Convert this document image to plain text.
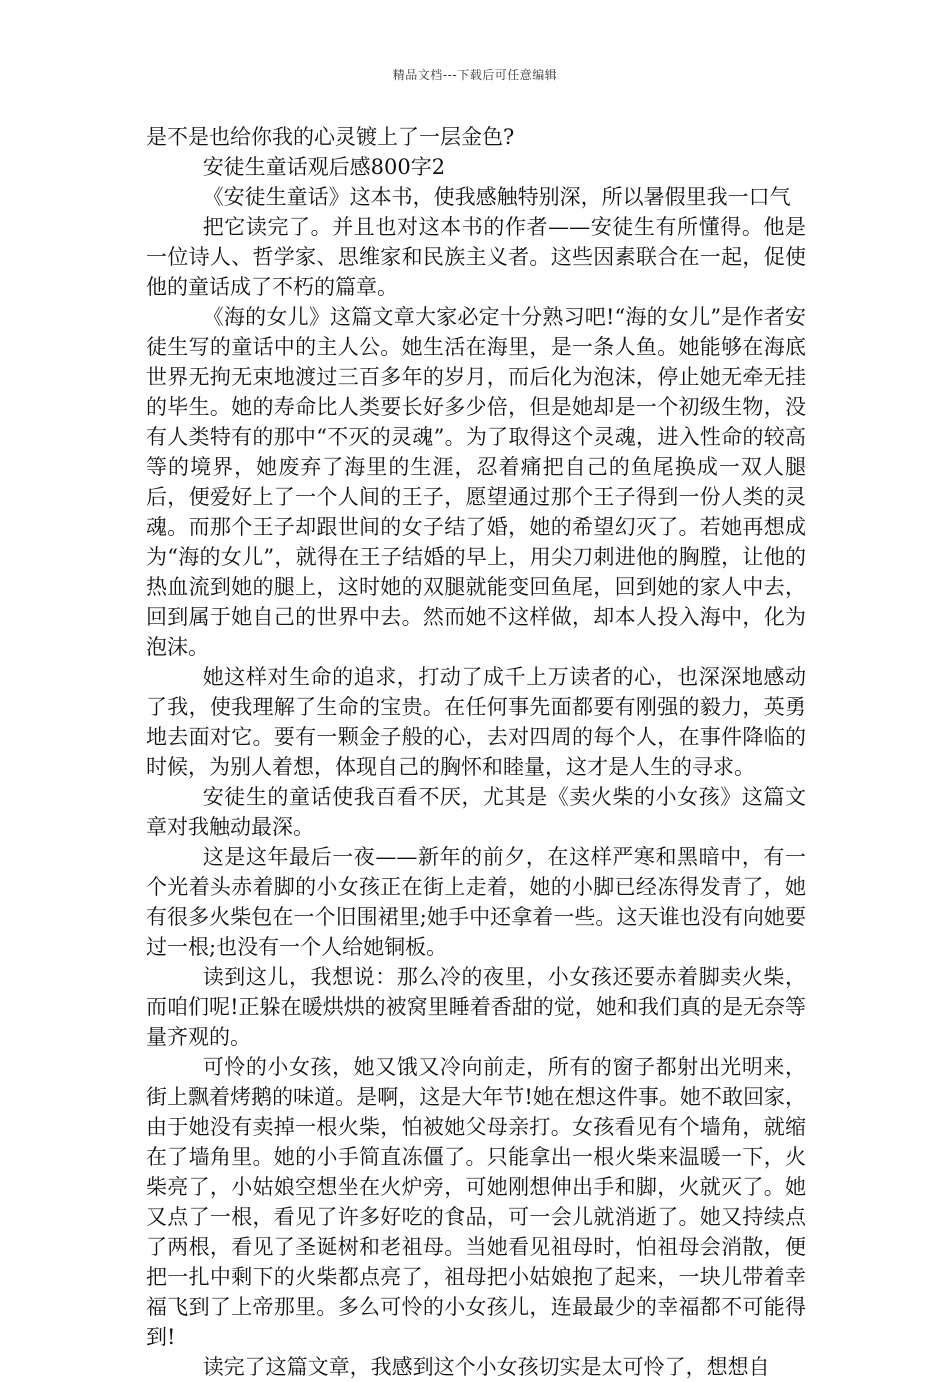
精品文档---下载后可任意编辑

是不是也给你我的心灵镀上了一层金色?

安徒生童话观后感800字2

《安徒生童话》这本书，使我感触特别深，所以暑假里我一口气

把它读完了。并且也对这本书的作者——安徒生有所懂得。他是一位诗人、哲学家、思维家和民族主义者。这些因素联合在一起，促使他的童话成了不朽的篇章。

《海的女儿》这篇文章大家必定十分熟习吧!“海的女儿”是作者安徒生写的童话中的主人公。她生活在海里，是一条人鱼。她能够在海底世界无拘无束地渡过三百多年的岁月，而后化为泡沫，停止她无牵无挂的毕生。她的寿命比人类要长好多少倍，但是她却是一个初级生物，没有人类特有的那中“不灭的灵魂”。为了取得这个灵魂，进入性命的较高等的境界，她废弃了海里的生涯，忍着痛把自己的鱼尾换成一双人腿后，便爱好上了一个人间的王子，愿望通过那个王子得到一份人类的灵魂。而那个王子却跟世间的女子结了婚，她的希望幻灭了。若她再想成为“海的女儿”，就得在王子结婚的早上，用尖刀刺进他的胸膛，让他的热血流到她的腿上，这时她的双腿就能变回鱼尾，回到她的家人中去，回到属于她自己的世界中去。然而她不这样做，却本人投入海中，化为泡沫。

她这样对生命的追求，打动了成千上万读者的心，也深深地感动了我，使我理解了生命的宝贵。在任何事先面都要有刚强的毅力，英勇地去面对它。要有一颗金子般的心，去对四周的每个人，在事件降临的时候，为别人着想，体现自己的胸怀和睦量，这才是人生的寻求。

安徒生的童话使我百看不厌，尤其是《卖火柴的小女孩》这篇文章对我触动最深。

这是这年最后一夜——新年的前夕，在这样严寒和黑暗中，有一个光着头赤着脚的小女孩正在街上走着，她的小脚已经冻得发青了，她有很多火柴包在一个旧围裙里;她手中还拿着一些。这天谁也没有向她要过一根;也没有一个人给她铜板。

读到这儿，我想说：那么冷的夜里，小女孩还要赤着脚卖火柴，而咱们呢!正躲在暖烘烘的被窝里睡着香甜的觉，她和我们真的是无奈等量齐观的。

可怜的小女孩，她又饿又冷向前走，所有的窗子都射出光明来，街上飘着烤鹅的味道。是啊，这是大年节!她在想这件事。她不敢回家，由于她没有卖掉一根火柴，怕被她父母亲打。女孩看见有个墙角，就缩在了墙角里。她的小手简直冻僵了。只能拿出一根火柴来温暖一下，火柴亮了，小姑娘空想坐在火炉旁，可她刚想伸出手和脚，火就灭了。她又点了一根，看见了许多好吃的食品，可一会儿就消逝了。她又持续点了两根，看见了圣诞树和老祖母。当她看见祖母时，怕祖母会消散，便把一扎中剩下的火柴都点亮了，祖母把小姑娘抱了起来，一块儿带着幸福飞到了上帝那里。多么可怜的小女孩儿，连最最少的幸福都不可能得到!

读完了这篇文章，我感到这个小女孩切实是太可怜了，想想自
